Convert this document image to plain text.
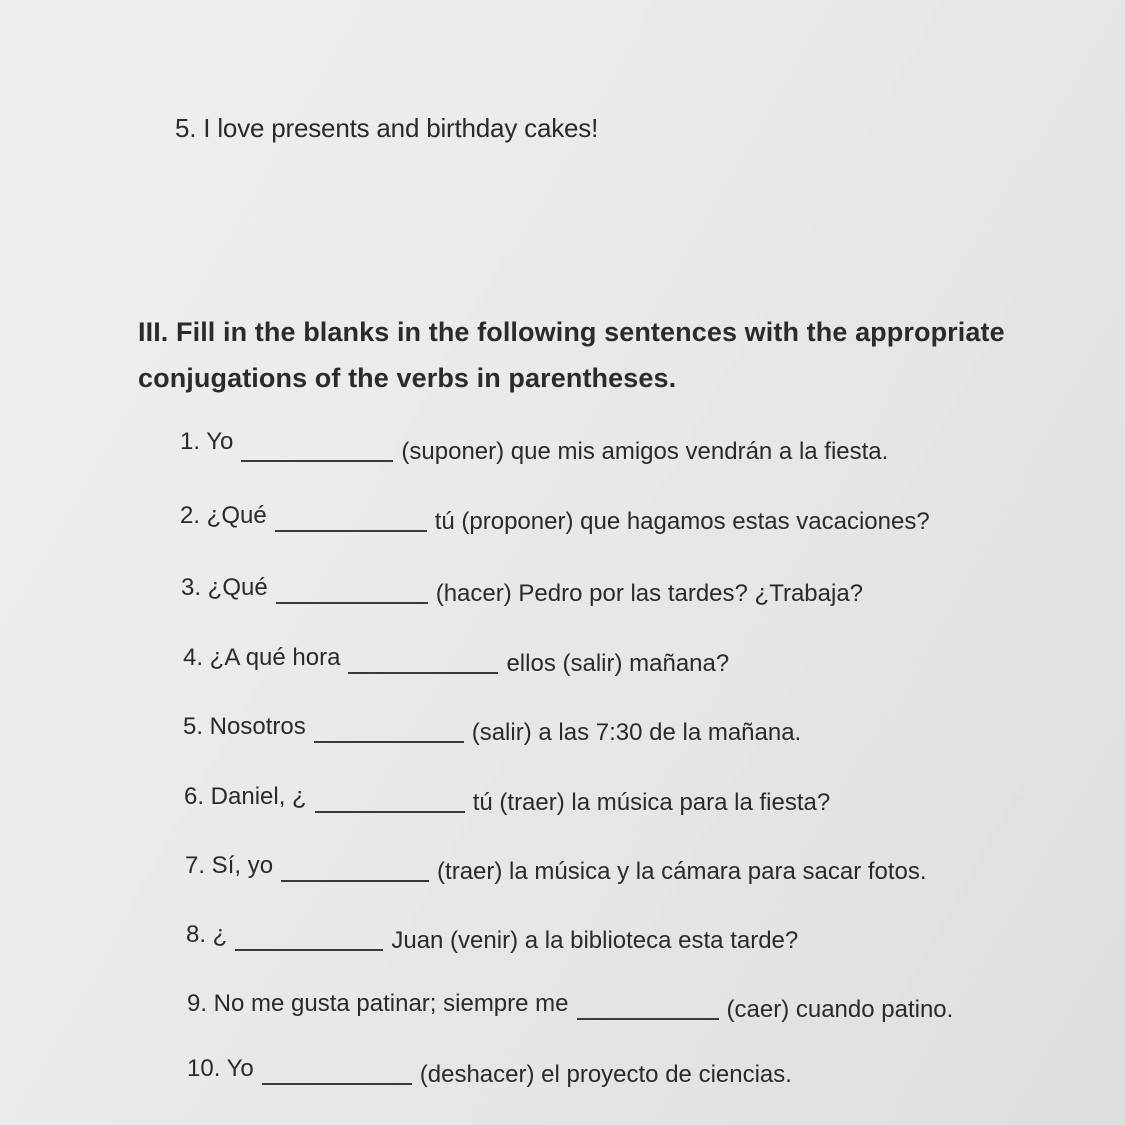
5. I love presents and birthday cakes!
III. Fill in the blanks in the following sentences with the appropriate
conjugations of the verbs in parentheses.
1. Yo	(suponer) que mis amigos vendrán a la fiesta.
2. ¿Qué	tú (proponer) que hagamos estas vacaciones?
3. ¿Qué	(hacer) Pedro por las tardes? ¿Trabaja?
4. ¿A qué hora	ellos (salir) mañana?
5. Nosotros	(salir) a las 7:30 de la mañana.
6. Daniel, ¿	tú (traer) la música para la fiesta?
7. Sí, yo	(traer) la música y la cámara para sacar fotos.
8. ¿	Juan (venir) a la biblioteca esta tarde?
9. No me gusta patinar; siempre me	(caer) cuando patino.
10. Yo	(deshacer) el proyecto de ciencias.
